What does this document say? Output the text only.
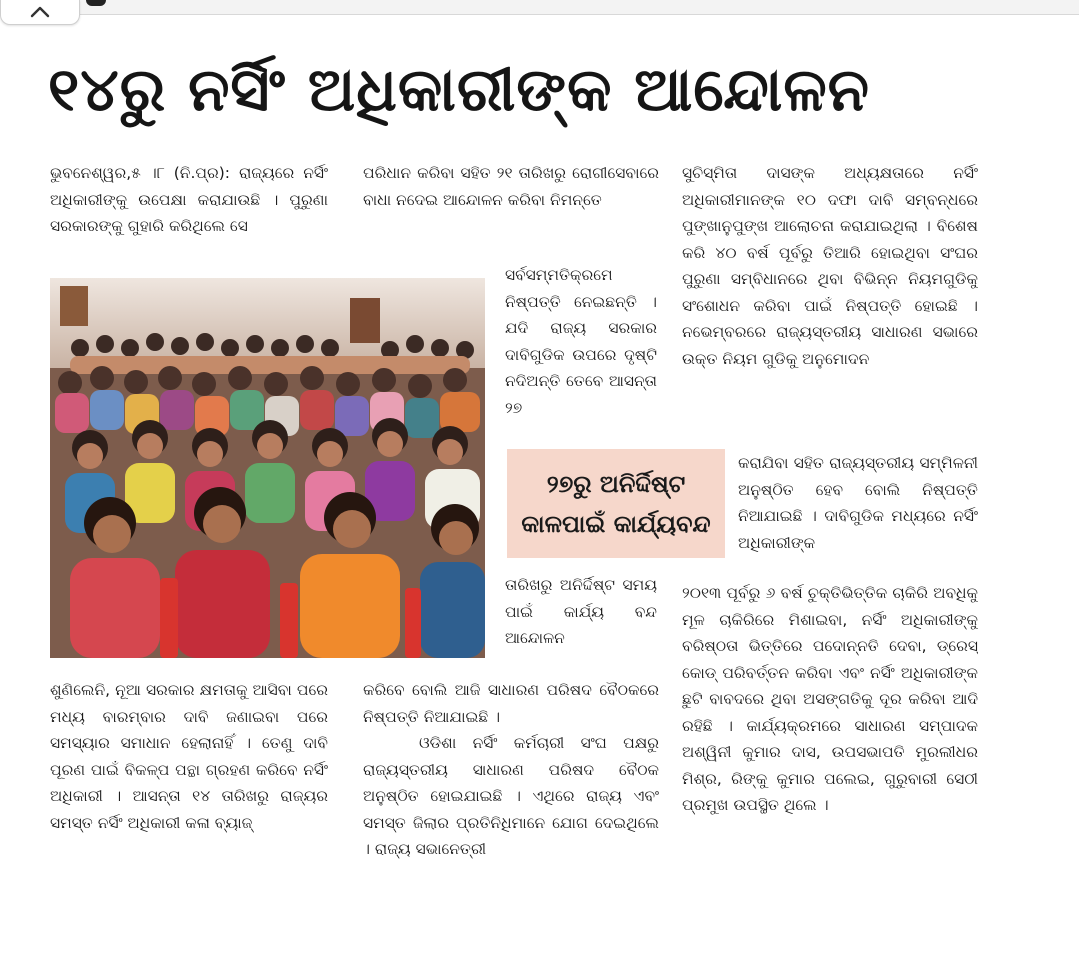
୧୪ରୁ ନର୍ସିଂ ଅଧିକାରୀଙ୍କ ଆନ୍ଦୋଳନ

ଭୁବନେଶ୍ୱର,୫ ।୮ (ନି.ପ୍ର): ରାଜ୍ୟରେ ନର୍ସିଂ ଅଧିକାରୀଙ୍କୁ ଉପେକ୍ଷା କରାଯାଉଛି । ପୁରୁଣା ସରକାରଙ୍କୁ ଗୁହାରି କରିଥିଲେ ସେ

ଶୁଣିଲେନି, ନୂଆ ସରକାର କ୍ଷମତାକୁ ଆସିବା ପରେ ମଧ୍ୟ ବାରମ୍ବାର ଦାବି ଜଣାଇବା ପରେ ସମସ୍ୟାର ସମାଧାନ ହେଲାନାହିଁ । ତେଣୁ ଦାବି ପୂରଣ ପାଇଁ ବିକଳ୍ପ ପନ୍ଥା ଗ୍ରହଣ କରିବେ ନର୍ସିଂ ଅଧିକାରୀ । ଆସନ୍ତା ୧୪ ତାରିଖରୁ ରାଜ୍ୟର ସମସ୍ତ ନର୍ସିଂ ଅଧିକାରୀ କଳା ବ୍ୟାଜ୍

ପରିଧାନ କରିବା ସହିତ ୨୧ ତାରିଖରୁ ରୋଗୀସେବାରେ ବାଧା ନଦେଇ ଆନ୍ଦୋଳନ କରିବା ନିମନ୍ତେ

ସର୍ବସମ୍ମତିକ୍ରମେ ନିଷ୍ପତ୍ତି ନେଇଛନ୍ତି । ଯଦି ରାଜ୍ୟ ସରକାର ଦାବିଗୁଡିକ ଉପରେ ଦୃଷ୍ଟି ନଦିଅନ୍ତି ତେବେ ଆସନ୍ତା ୨୭

୨୭ରୁ ଅନିର୍ଦ୍ଦିଷ୍ଟ
କାଳପାଇଁ କାର୍ଯ୍ୟବନ୍ଦ

ତାରିଖରୁ ଅନିର୍ଦ୍ଦିଷ୍ଟ ସମୟ ପାଇଁ କାର୍ଯ୍ୟ ବନ୍ଦ ଆନ୍ଦୋଳନ

କରିବେ ବୋଲି ଆଜି ସାଧାରଣ ପରିଷଦ ବୈଠକରେ ନିଷ୍ପତ୍ତି ନିଆଯାଇଛି ।

ଓଡିଶା ନର୍ସିଂ କର୍ମଚାରୀ ସଂଘ ପକ୍ଷରୁ ରାଜ୍ୟସ୍ତରୀୟ ସାଧାରଣ ପରିଷଦ ବୈଠକ ଅନୁଷ୍ଠିତ ହୋଇଯାଇଛି । ଏଥିରେ ରାଜ୍ୟ ଏବଂ ସମସ୍ତ ଜିଲାର ପ୍ରତିନିଧିମାନେ ଯୋଗ ଦେଇଥିଲେ । ରାଜ୍ୟ ସଭାନେତ୍ରୀ

ସୁଚିସ୍ମିତା ଦାସଙ୍କ ଅଧ୍ୟକ୍ଷତାରେ ନର୍ସିଂ ଅଧିକାରୀମାନଙ୍କ ୧୦ ଦଫା ଦାବି ସମ୍ବନ୍ଧରେ ପୁଙ୍ଖାନୁପୁଙ୍ଖ ଆଲୋଚନା କରାଯାଇଥିଲା । ବିଶେଷ କରି ୪୦ ବର୍ଷ ପୂର୍ବରୁ ତିଆରି ହୋଇଥିବା ସଂଘର ପୁରୁଣା ସମ୍ବିଧାନରେ ଥିବା ବିଭିନ୍ନ ନିୟମଗୁଡିକୁ ସଂଶୋଧନ କରିବା ପାଇଁ ନିଷ୍ପତ୍ତି ହୋଇଛି । ନଭେମ୍ବରରେ ରାଜ୍ୟସ୍ତରୀୟ ସାଧାରଣ ସଭାରେ ଉକ୍ତ ନିୟମ ଗୁଡିକୁ ଅନୁମୋଦନ

କରାଯିବା ସହିତ ରାଜ୍ୟସ୍ତରୀୟ ସମ୍ମିଳନୀ ଅନୁଷ୍ଠିତ ହେବ ବୋଲି ନିଷ୍ପତ୍ତି ନିଆଯାଇଛି । ଦାବିଗୁଡିକ ମଧ୍ୟରେ ନର୍ସିଂ ଅଧିକାରୀଙ୍କ

୨୦୧୩ ପୂର୍ବରୁ ୬ ବର୍ଷ ଚୁକ୍ତିଭିତ୍ତିକ ଚାକିରି ଅବଧିକୁ ମୂଳ ଚାକିରିରେ ମିଶାଇବା, ନର୍ସିଂ ଅଧିକାରୀଙ୍କୁ ବରିଷ୍ଠତା ଭିତ୍ତିରେ ପଦୋନ୍ନତି ଦେବା, ଡ୍ରେସ୍ କୋଡ୍ ପରିବର୍ତ୍ତନ କରିବା ଏବଂ ନର୍ସିଂ ଅଧିକାରୀଙ୍କ ଛୁଟି ବାବଦରେ ଥିବା ଅସଙ୍ଗତିକୁ ଦୂର କରିବା ଆଦି ରହିଛି । କାର୍ଯ୍ୟକ୍ରମରେ ସାଧାରଣ ସମ୍ପାଦକ ଅଶ୍ୱିନୀ କୁମାର ଦାସ, ଉପସଭାପତି ମୁରଲୀଧର ମିଶ୍ର, ରିଙ୍କୁ କୁମାର ପଲେଇ, ଗୁରୁବାରୀ ସେଠୀ ପ୍ରମୁଖ ଉପସ୍ଥିତ ଥିଲେ ।
